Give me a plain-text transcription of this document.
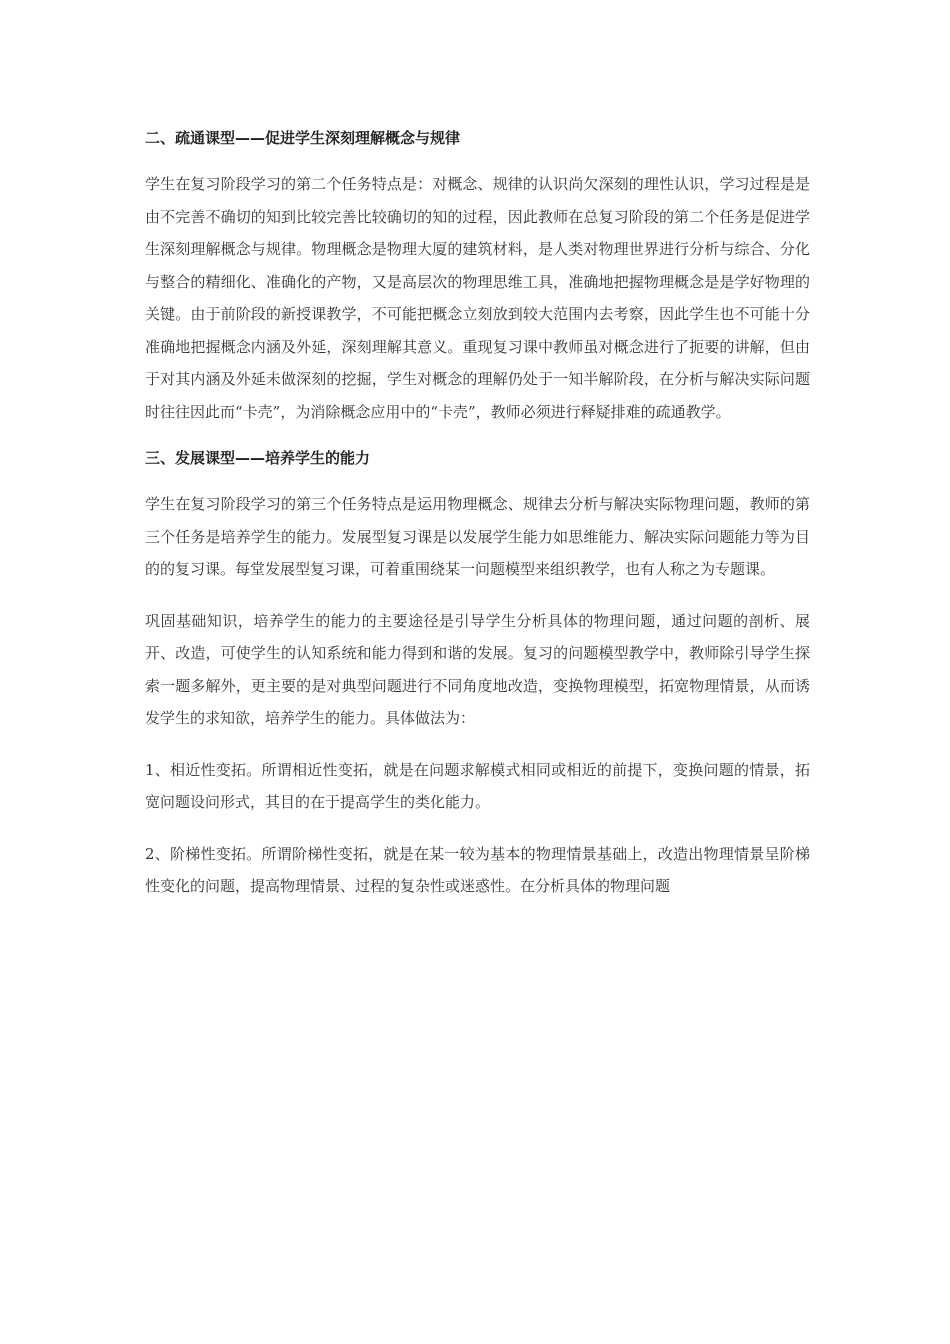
二、疏通课型——促进学生深刻理解概念与规律

学生在复习阶段学习的第二个任务特点是：对概念、规律的认识尚欠深刻的理性认识，学习过程是是由不完善不确切的知到比较完善比较确切的知的过程，因此教师在总复习阶段的第二个任务是促进学生深刻理解概念与规律。物理概念是物理大厦的建筑材料，是人类对物理世界进行分析与综合、分化与整合的精细化、准确化的产物，又是高层次的物理思维工具，准确地把握物理概念是是学好物理的关键。由于前阶段的新授课教学，不可能把概念立刻放到较大范围内去考察，因此学生也不可能十分准确地把握概念内涵及外延，深刻理解其意义。重现复习课中教师虽对概念进行了扼要的讲解，但由于对其内涵及外延未做深刻的挖掘，学生对概念的理解仍处于一知半解阶段，在分析与解决实际问题时往往因此而“卡壳”，为消除概念应用中的“卡壳”，教师必须进行释疑排难的疏通教学。

三、发展课型——培养学生的能力

学生在复习阶段学习的第三个任务特点是运用物理概念、规律去分析与解决实际物理问题，教师的第三个任务是培养学生的能力。发展型复习课是以发展学生能力如思维能力、解决实际问题能力等为目的的复习课。每堂发展型复习课，可着重围绕某一问题模型来组织教学，也有人称之为专题课。

巩固基础知识，培养学生的能力的主要途径是引导学生分析具体的物理问题，通过问题的剖析、展开、改造，可使学生的认知系统和能力得到和谐的发展。复习的问题模型教学中，教师除引导学生探索一题多解外，更主要的是对典型问题进行不同角度地改造，变换物理模型，拓宽物理情景，从而诱发学生的求知欲，培养学生的能力。具体做法为：

1、相近性变拓。所谓相近性变拓，就是在问题求解模式相同或相近的前提下，变换问题的情景，拓宽问题设问形式，其目的在于提高学生的类化能力。

2、阶梯性变拓。所谓阶梯性变拓，就是在某一较为基本的物理情景基础上，改造出物理情景呈阶梯性变化的问题，提高物理情景、过程的复杂性或迷惑性。在分析具体的物理问题
